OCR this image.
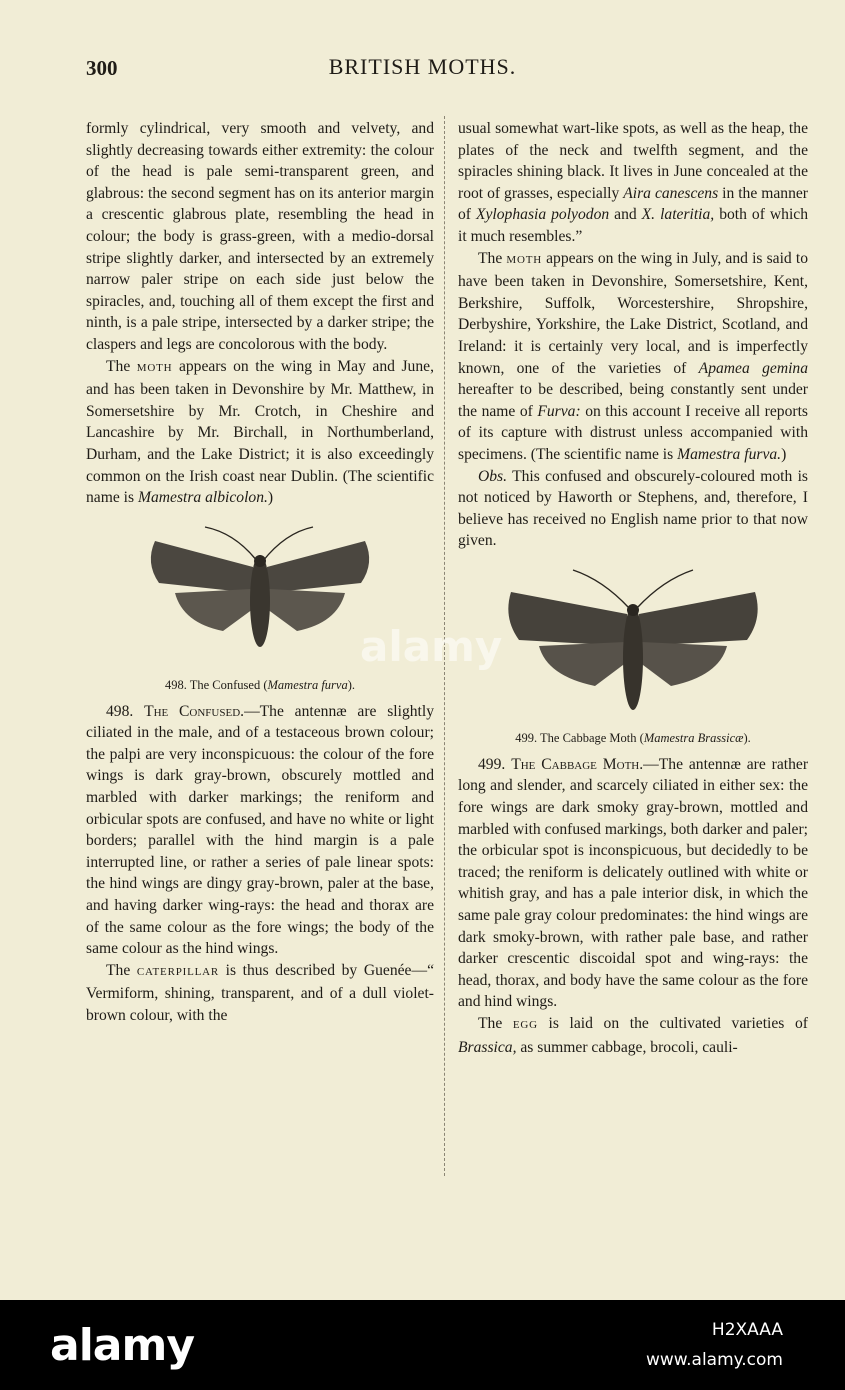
300	BRITISH MOTHS.

formly cylindrical, very smooth and velvety, and slightly decreasing towards either extremity: the colour of the head is pale semi-transparent green, and glabrous: the second segment has on its anterior margin a crescentic glabrous plate, resembling the head in colour; the body is grass-green, with a medio-dorsal stripe slightly darker, and intersected by an extremely narrow paler stripe on each side just below the spiracles, and, touching all of them except the first and ninth, is a pale stripe, intersected by a darker stripe; the claspers and legs are concolorous with the body.

The MOTH appears on the wing in May and June, and has been taken in Devonshire by Mr. Matthew, in Somersetshire by Mr. Crotch, in Cheshire and Lancashire by Mr. Birchall, in Northumberland, Durham, and the Lake District; it is also exceedingly common on the Irish coast near Dublin. (The scientific name is Mamestra albicolon.)

498. The Confused (Mamestra furva).

498. The Confused.—The antennæ are slightly ciliated in the male, and of a testaceous brown colour; the palpi are very inconspicuous: the colour of the fore wings is dark gray-brown, obscurely mottled and marbled with darker markings; the reniform and orbicular spots are confused, and have no white or light borders; parallel with the hind margin is a pale interrupted line, or rather a series of pale linear spots: the hind wings are dingy gray-brown, paler at the base, and having darker wing-rays: the head and thorax are of the same colour as the fore wings; the body of the same colour as the hind wings.

The CATERPILLAR is thus described by Guenée—“ Vermiform, shining, transparent, and of a dull violet-brown colour, with the

usual somewhat wart-like spots, as well as the heap, the plates of the neck and twelfth segment, and the spiracles shining black. It lives in June concealed at the root of grasses, especially Aira canescens in the manner of Xylophasia polyodon and X. lateritia, both of which it much resembles.”

The MOTH appears on the wing in July, and is said to have been taken in Devonshire, Somersetshire, Kent, Berkshire, Suffolk, Worcestershire, Shropshire, Derbyshire, Yorkshire, the Lake District, Scotland, and Ireland: it is certainly very local, and is imperfectly known, one of the varieties of Apamea gemina hereafter to be described, being constantly sent under the name of Furva: on this account I receive all reports of its capture with distrust unless accompanied with specimens. (The scientific name is Mamestra furva.)

Obs. This confused and obscurely-coloured moth is not noticed by Haworth or Stephens, and, therefore, I believe has received no English name prior to that now given.

499. The Cabbage Moth (Mamestra Brassicæ).

499. The Cabbage Moth.—The antennæ are rather long and slender, and scarcely ciliated in either sex: the fore wings are dark smoky gray-brown, mottled and marbled with confused markings, both darker and paler; the orbicular spot is inconspicuous, but decidedly to be traced; the reniform is delicately outlined with white or whitish gray, and has a pale interior disk, in which the same pale gray colour predominates: the hind wings are dark smoky-brown, with rather pale base, and rather darker crescentic discoidal spot and wing-rays: the head, thorax, and body have the same colour as the fore and hind wings.

The EGG is laid on the cultivated varieties of Brassica, as summer cabbage, brocoli, cauli-

alamy
alamy	H2XAAA
www.alamy.com
